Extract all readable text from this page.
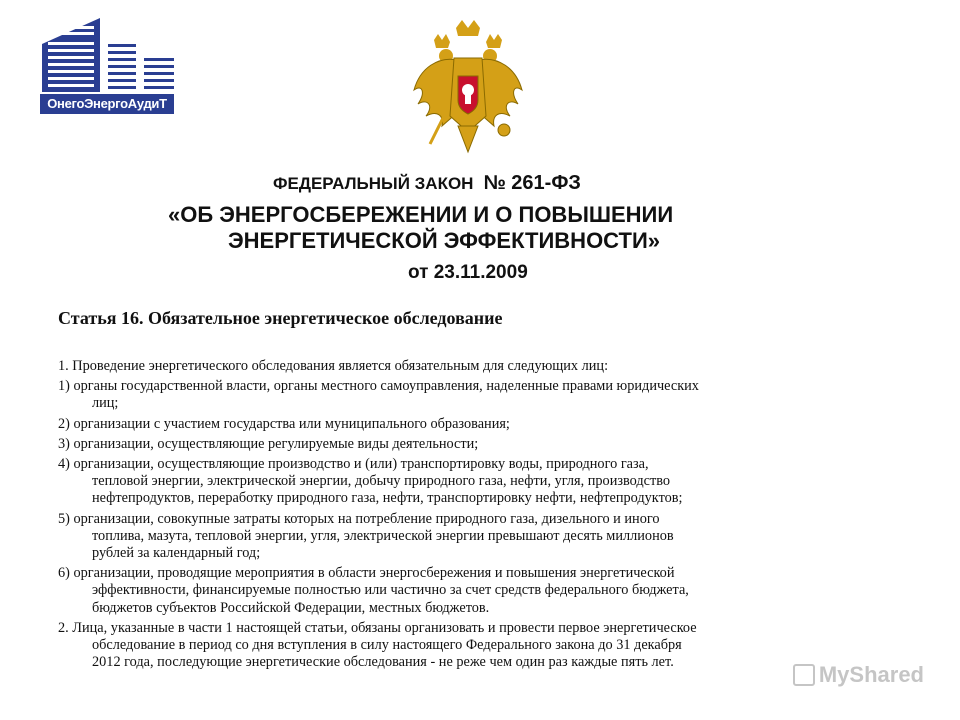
ОнегоЭнергоАудиТ
ФЕДЕРАЛЬНЫЙ ЗАКОН № 261-ФЗ
«ОБ ЭНЕРГОСБЕРЕЖЕНИИ И О ПОВЫШЕНИИ
ЭНЕРГЕТИЧЕСКОЙ ЭФФЕКТИВНОСТИ»
от 23.11.2009
Статья 16. Обязательное энергетическое обследование
1. Проведение энергетического обследования является обязательным для следующих лиц:
1) органы государственной власти, органы местного самоуправления, наделенные правами юридических
лиц;
2) организации с участием государства или муниципального образования;
3) организации, осуществляющие регулируемые виды деятельности;
4) организации, осуществляющие производство и (или) транспортировку воды, природного газа,
тепловой энергии, электрической энергии, добычу природного газа, нефти, угля, производство
нефтепродуктов, переработку природного газа, нефти, транспортировку нефти, нефтепродуктов;
5) организации, совокупные затраты которых на потребление природного газа, дизельного и иного
топлива, мазута, тепловой энергии, угля, электрической энергии превышают десять миллионов
рублей за календарный год;
6) организации, проводящие мероприятия в области энергосбережения и повышения энергетической
эффективности, финансируемые полностью или частично за счет средств федерального бюджета,
бюджетов субъектов Российской Федерации, местных бюджетов.
2. Лица, указанные в части 1 настоящей статьи, обязаны организовать и провести первое энергетическое
обследование в период со дня вступления в силу настоящего Федерального закона до 31 декабря
2012 года, последующие энергетические обследования - не реже чем один раз каждые пять лет.	MyShared
